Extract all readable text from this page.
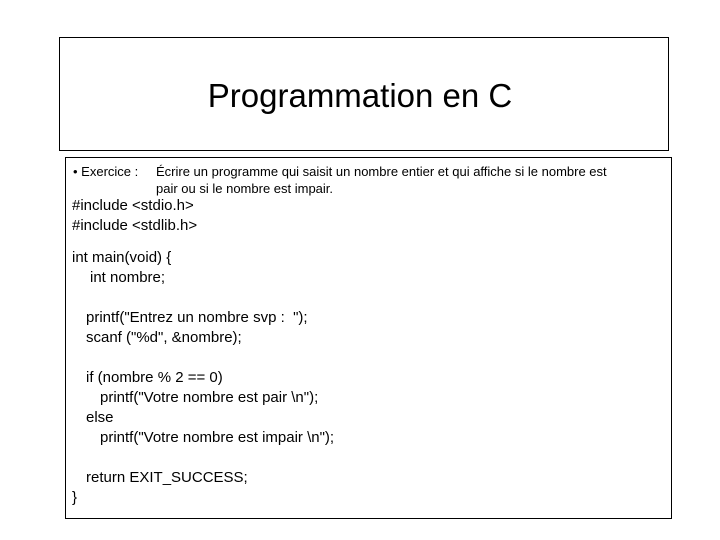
Programmation en C
• Exercice :	Écrire un programme qui saisit un nombre entier et qui affiche si le nombre est
pair ou si le nombre est impair.
#include <stdio.h>
#include <stdlib.h>
int main(void) {
int nombre;
printf("Entrez un nombre svp :  ");
scanf ("%d", &nombre);
if (nombre % 2 == 0)
printf("Votre nombre est pair \n");
else
printf("Votre nombre est impair \n");
return EXIT_SUCCESS;
}
